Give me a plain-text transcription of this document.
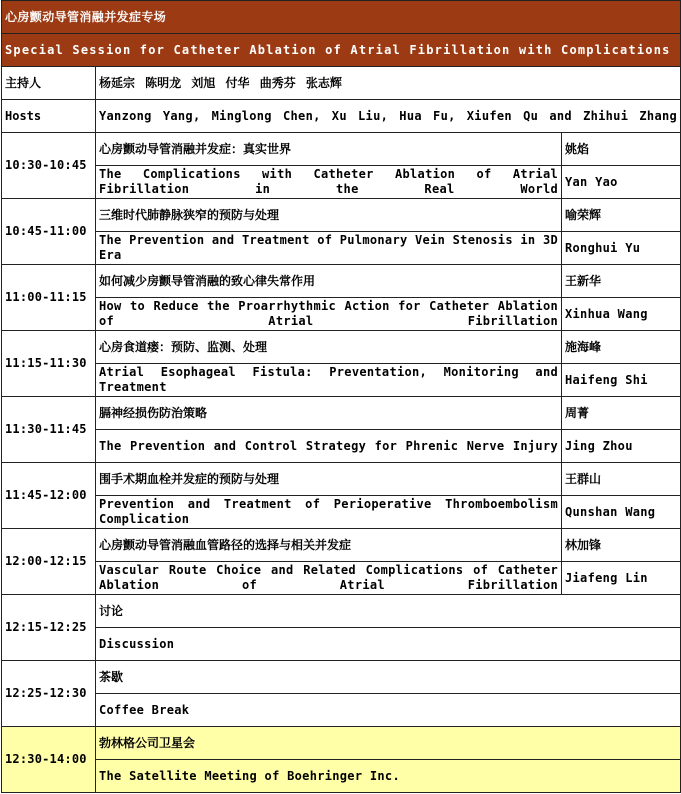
心房颤动导管消融并发症专场		
Special Session for Catheter Ablation of Atrial Fibrillation with Complications		
主持人	杨延宗 陈明龙 刘旭 付华 曲秀芬 张志辉	
Hosts	Yanzong Yang, Minglong Chen, Xu Liu, Hua Fu, Xiufen Qu and Zhihui Zhang	
10:30-10:45	心房颤动导管消融并发症：真实世界	姚焰
	The Complications with Catheter Ablation of Atrial Fibrillation in the Real World	Yan Yao
10:45-11:00	三维时代肺静脉狭窄的预防与处理	喻荣辉
	The Prevention and Treatment of Pulmonary Vein Stenosis in 3D Era	Ronghui Yu
11:00-11:15	如何减少房颤导管消融的致心律失常作用	王新华
	How to Reduce the Proarrhythmic Action for Catheter Ablation of Atrial Fibrillation	Xinhua Wang
11:15-11:30	心房食道瘘：预防、监测、处理	施海峰
	Atrial Esophageal Fistula: Preventation, Monitoring and Treatment	Haifeng Shi
11:30-11:45	膈神经损伤防治策略	周菁
	The Prevention and Control Strategy for Phrenic Nerve Injury	Jing Zhou
11:45-12:00	围手术期血栓并发症的预防与处理	王群山
	Prevention and Treatment of Perioperative Thromboembolism Complication	Qunshan Wang
12:00-12:15	心房颤动导管消融血管路径的选择与相关并发症	林加锋
	Vascular Route Choice and Related Complications of Catheter Ablation of Atrial Fibrillation	Jiafeng Lin
12:15-12:25	讨论	
	Discussion	
12:25-12:30	茶歇	
	Coffee Break	
12:30-14:00	勃林格公司卫星会	
	The Satellite Meeting of Boehringer Inc.	
